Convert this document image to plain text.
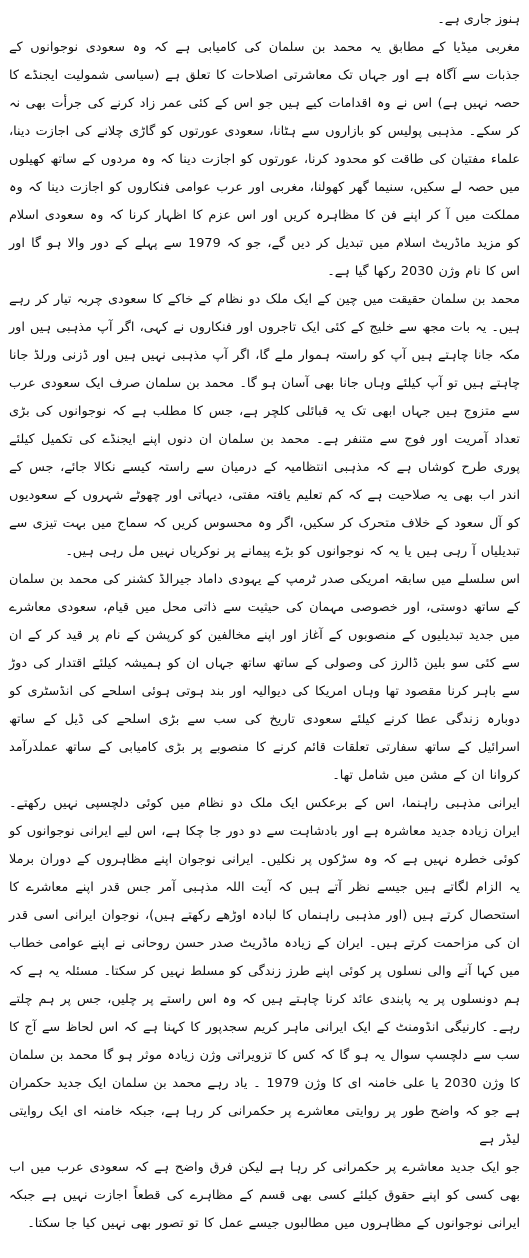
ہنوز جاری ہے۔

مغربی میڈیا کے مطابق یہ محمد بن سلمان کی کامیابی ہے کہ وہ سعودی نوجوانوں کے جذبات سے آگاہ ہے اور جہاں تک معاشرتی اصلاحات کا تعلق ہے (سیاسی شمولیت ایجنڈے کا حصہ نہیں ہے) اس نے وہ اقدامات کیے ہیں جو اس کے کئی عمر زاد کرنے کی جرأت بھی نہ کر سکے۔ مذہبی پولیس کو بازاروں سے ہٹانا، سعودی عورتوں کو گاڑی چلانے کی اجازت دینا، علماء مفتیان کی طاقت کو محدود کرنا، عورتوں کو اجازت دینا کہ وہ مردوں کے ساتھ کھیلوں میں حصہ لے سکیں، سنیما گھر کھولنا، مغربی اور عرب عوامی فنکاروں کو اجازت دینا کہ وہ مملکت میں آ کر اپنے فن کا مظاہرہ کریں اور اس عزم کا اظہار کرنا کہ وہ سعودی اسلام کو مزید ماڈریٹ اسلام میں تبدیل کر دیں گے، جو کہ 1979 سے پہلے کے دور والا ہو گا اور اس کا نام وژن 2030 رکھا گیا ہے۔

محمد بن سلمان حقیقت میں چین کے ایک ملک دو نظام کے خاکے کا سعودی چربہ تیار کر رہے ہیں۔ یہ بات مجھ سے خلیج کے کئی ایک تاجروں اور فنکاروں نے کہی، اگر آپ مذہبی ہیں اور مکہ جانا چاہتے ہیں آپ کو راستہ ہموار ملے گا، اگر آپ مذہبی نہیں ہیں اور ڈزنی ورلڈ جانا چاہتے ہیں تو آپ کیلئے وہاں جانا بھی آسان ہو گا۔ محمد بن سلمان صرف ایک سعودی عرب سے متزوج ہیں جہاں ابھی تک یہ قبائلی کلچر ہے، جس کا مطلب ہے کہ نوجوانوں کی بڑی تعداد آمریت اور فوج سے متنفر ہے۔ محمد بن سلمان ان دنوں اپنے ایجنڈے کی تکمیل کیلئے پوری طرح کوشاں ہے کہ مذہبی انتظامیہ کے درمیان سے راستہ کیسے نکالا جائے، جس کے اندر اب بھی یہ صلاحیت ہے کہ کم تعلیم یافتہ مفتی، دیہاتی اور چھوٹے شہروں کے سعودیوں کو آل سعود کے خلاف متحرک کر سکیں، اگر وہ محسوس کریں کہ سماج میں بہت تیزی سے تبدیلیاں آ رہی ہیں یا یہ کہ نوجوانوں کو بڑے پیمانے پر نوکریاں نہیں مل رہی ہیں۔

اس سلسلے میں سابقہ امریکی صدر ٹرمپ کے یہودی داماد جیرالڈ کشنر کی محمد بن سلمان کے ساتھ دوستی، اور خصوصی مہمان کی حیثیت سے ذاتی محل میں قیام، سعودی معاشرے میں جدید تبدیلیوں کے منصوبوں کے آغاز اور اپنے مخالفین کو کرپشن کے نام پر قید کر کے ان سے کئی سو بلین ڈالرز کی وصولی کے ساتھ ساتھ جہاں ان کو ہمیشہ کیلئے اقتدار کی دوڑ سے باہر کرنا مقصود تھا وہاں امریکا کی دیوالیہ اور بند ہوتی ہوئی اسلحے کی انڈسٹری کو دوبارہ زندگی عطا کرنے کیلئے سعودی تاریخ کی سب سے بڑی اسلحے کی ڈیل کے ساتھ اسرائیل کے ساتھ سفارتی تعلقات قائم کرنے کا منصوبے پر بڑی کامیابی کے ساتھ عملدرآمد کروانا ان کے مشن میں شامل تھا۔

ایرانی مذہبی راہنما، اس کے برعکس ایک ملک دو نظام میں کوئی دلچسپی نہیں رکھتے۔ ایران زیادہ جدید معاشرہ ہے اور بادشاہت سے دو دور جا چکا ہے، اس لیے ایرانی نوجوانوں کو کوئی خطرہ نہیں ہے کہ وہ سڑکوں پر نکلیں۔ ایرانی نوجوان اپنے مظاہروں کے دوران برملا یہ الزام لگاتے ہیں جیسے نظر آتے ہیں کہ آیت اللہ مذہبی آمر جس قدر اپنے معاشرے کا استحصال کرتے ہیں (اور مذہبی راہنماں کا لبادہ اوڑھے رکھتے ہیں)، نوجوان ایرانی اسی قدر ان کی مزاحمت کرتے ہیں۔ ایران کے زیادہ ماڈریٹ صدر حسن روحانی نے اپنے عوامی خطاب میں کہا آنے والی نسلوں پر کوئی اپنے طرز زندگی کو مسلط نہیں کر سکتا۔ مسئلہ یہ ہے کہ ہم دونسلوں پر یہ پابندی عائد کرنا چاہتے ہیں کہ وہ اس راستے پر چلیں، جس پر ہم چلتے رہے۔ کارنیگی انڈومنٹ کے ایک ایرانی ماہر کریم سجدپور کا کہنا ہے کہ اس لحاظ سے آج کا سب سے دلچسپ سوال یہ ہو گا کہ کس کا تزویراتی وژن زیادہ موثر ہو گا محمد بن سلمان کا وژن 2030 یا علی خامنہ ای کا وژن 1979 ۔ یاد رہے محمد بن سلمان ایک جدید حکمران ہے جو کہ واضح طور پر روایتی معاشرے پر حکمرانی کر رہا ہے، جبکہ خامنہ ای ایک روایتی لیڈر ہے

جو ایک جدید معاشرے پر حکمرانی کر رہا ہے لیکن فرق واضح ہے کہ سعودی عرب میں اب بھی کسی کو اپنے حقوق کیلئے کسی بھی قسم کے مظاہرے کی قطعاً اجازت نہیں ہے جبکہ ایرانی نوجوانوں کے مظاہروں میں مطالبوں جیسے عمل کا تو تصور بھی نہیں کیا جا سکتا۔
